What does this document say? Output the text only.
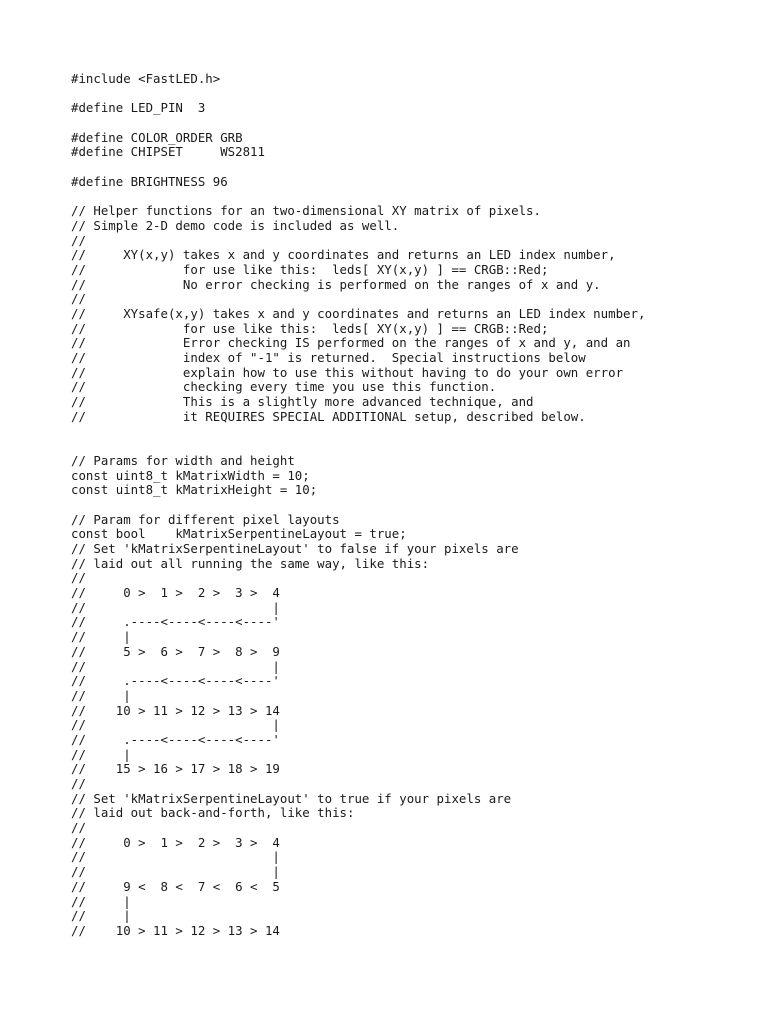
#include <FastLED.h>
#define LED_PIN  3
#define COLOR_ORDER GRB
#define CHIPSET     WS2811
#define BRIGHTNESS 96
// Helper functions for an two-dimensional XY matrix of pixels.
// Simple 2-D demo code is included as well.
//
//     XY(x,y) takes x and y coordinates and returns an LED index number,
//             for use like this:  leds[ XY(x,y) ] == CRGB::Red;
//             No error checking is performed on the ranges of x and y.
//
//     XYsafe(x,y) takes x and y coordinates and returns an LED index number,
//             for use like this:  leds[ XY(x,y) ] == CRGB::Red;
//             Error checking IS performed on the ranges of x and y, and an
//             index of "-1" is returned.  Special instructions below
//             explain how to use this without having to do your own error
//             checking every time you use this function.
//             This is a slightly more advanced technique, and
//             it REQUIRES SPECIAL ADDITIONAL setup, described below.
// Params for width and height
const uint8_t kMatrixWidth = 10;
const uint8_t kMatrixHeight = 10;
// Param for different pixel layouts
const bool    kMatrixSerpentineLayout = true;
// Set 'kMatrixSerpentineLayout' to false if your pixels are
// laid out all running the same way, like this:
//
//     0 >  1 >  2 >  3 >  4
//                         |
//     .----<----<----<----'
//     |
//     5 >  6 >  7 >  8 >  9
//                         |
//     .----<----<----<----'
//     |
//    10 > 11 > 12 > 13 > 14
//                         |
//     .----<----<----<----'
//     |
//    15 > 16 > 17 > 18 > 19
//
// Set 'kMatrixSerpentineLayout' to true if your pixels are
// laid out back-and-forth, like this:
//
//     0 >  1 >  2 >  3 >  4
//                         |
//                         |
//     9 <  8 <  7 <  6 <  5
//     |
//     |
//    10 > 11 > 12 > 13 > 14
